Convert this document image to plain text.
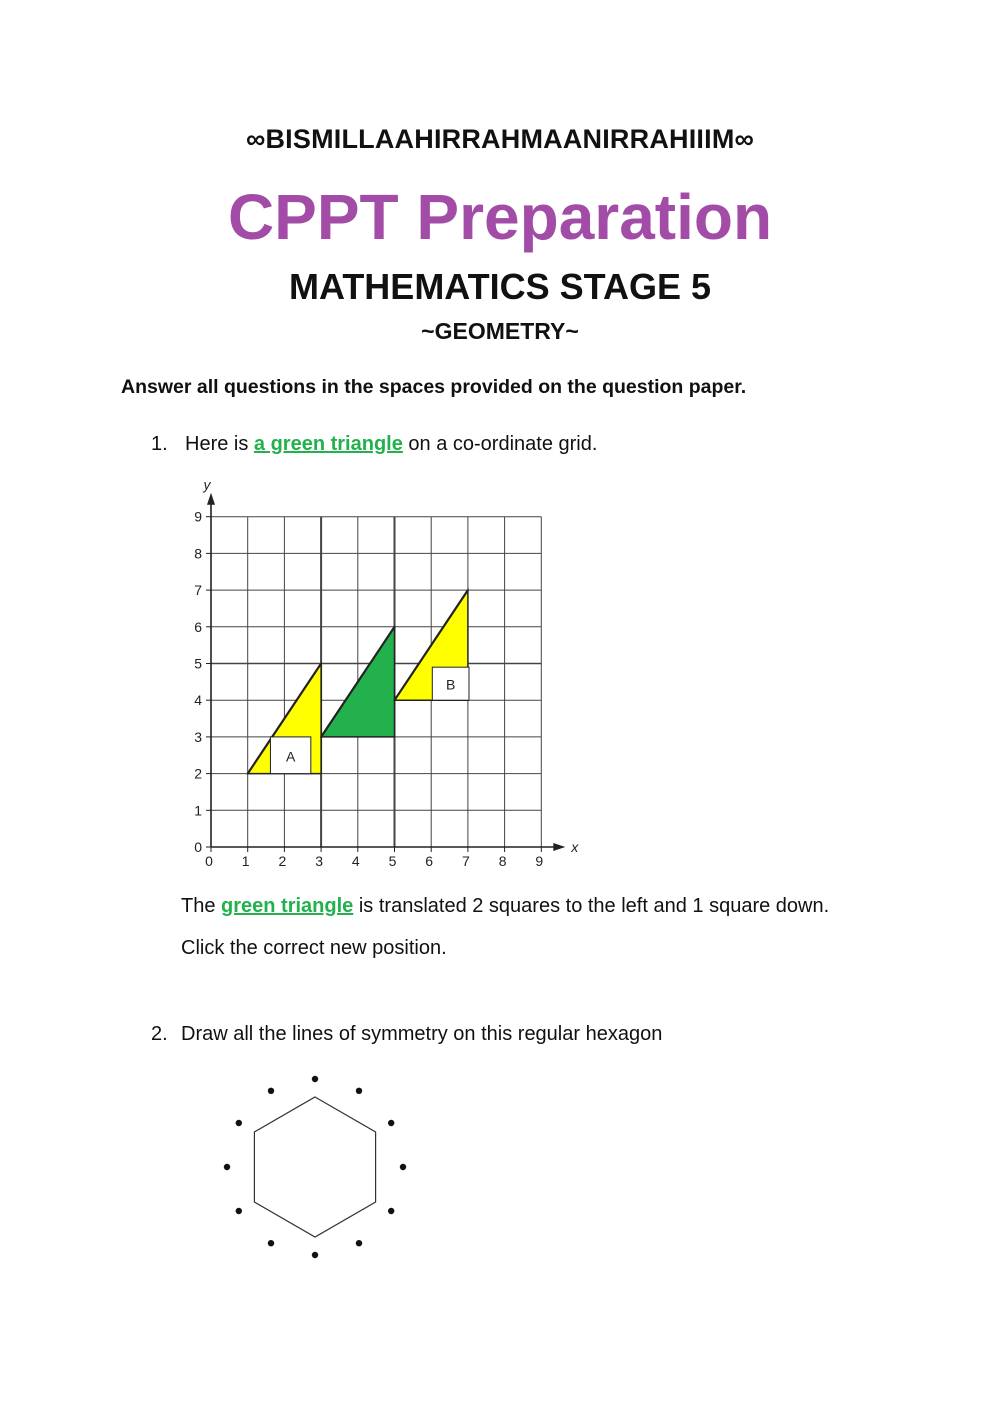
∞BISMILLAAHIRRAHMAANIRRAHIIIM∞
CPPT Preparation
MATHEMATICS STAGE 5
~GEOMETRY~
Answer all questions in the spaces provided on the question paper.
1. Here is a green triangle on a co-ordinate grid.
A
B
x
y
0 1 2 3 4 5 6 7 8 9
0
1
2
3
4
5
6
7
8
9
The green triangle is translated 2 squares to the left and 1 square down.
Click the correct new position.
2. Draw all the lines of symmetry on this regular hexagon
